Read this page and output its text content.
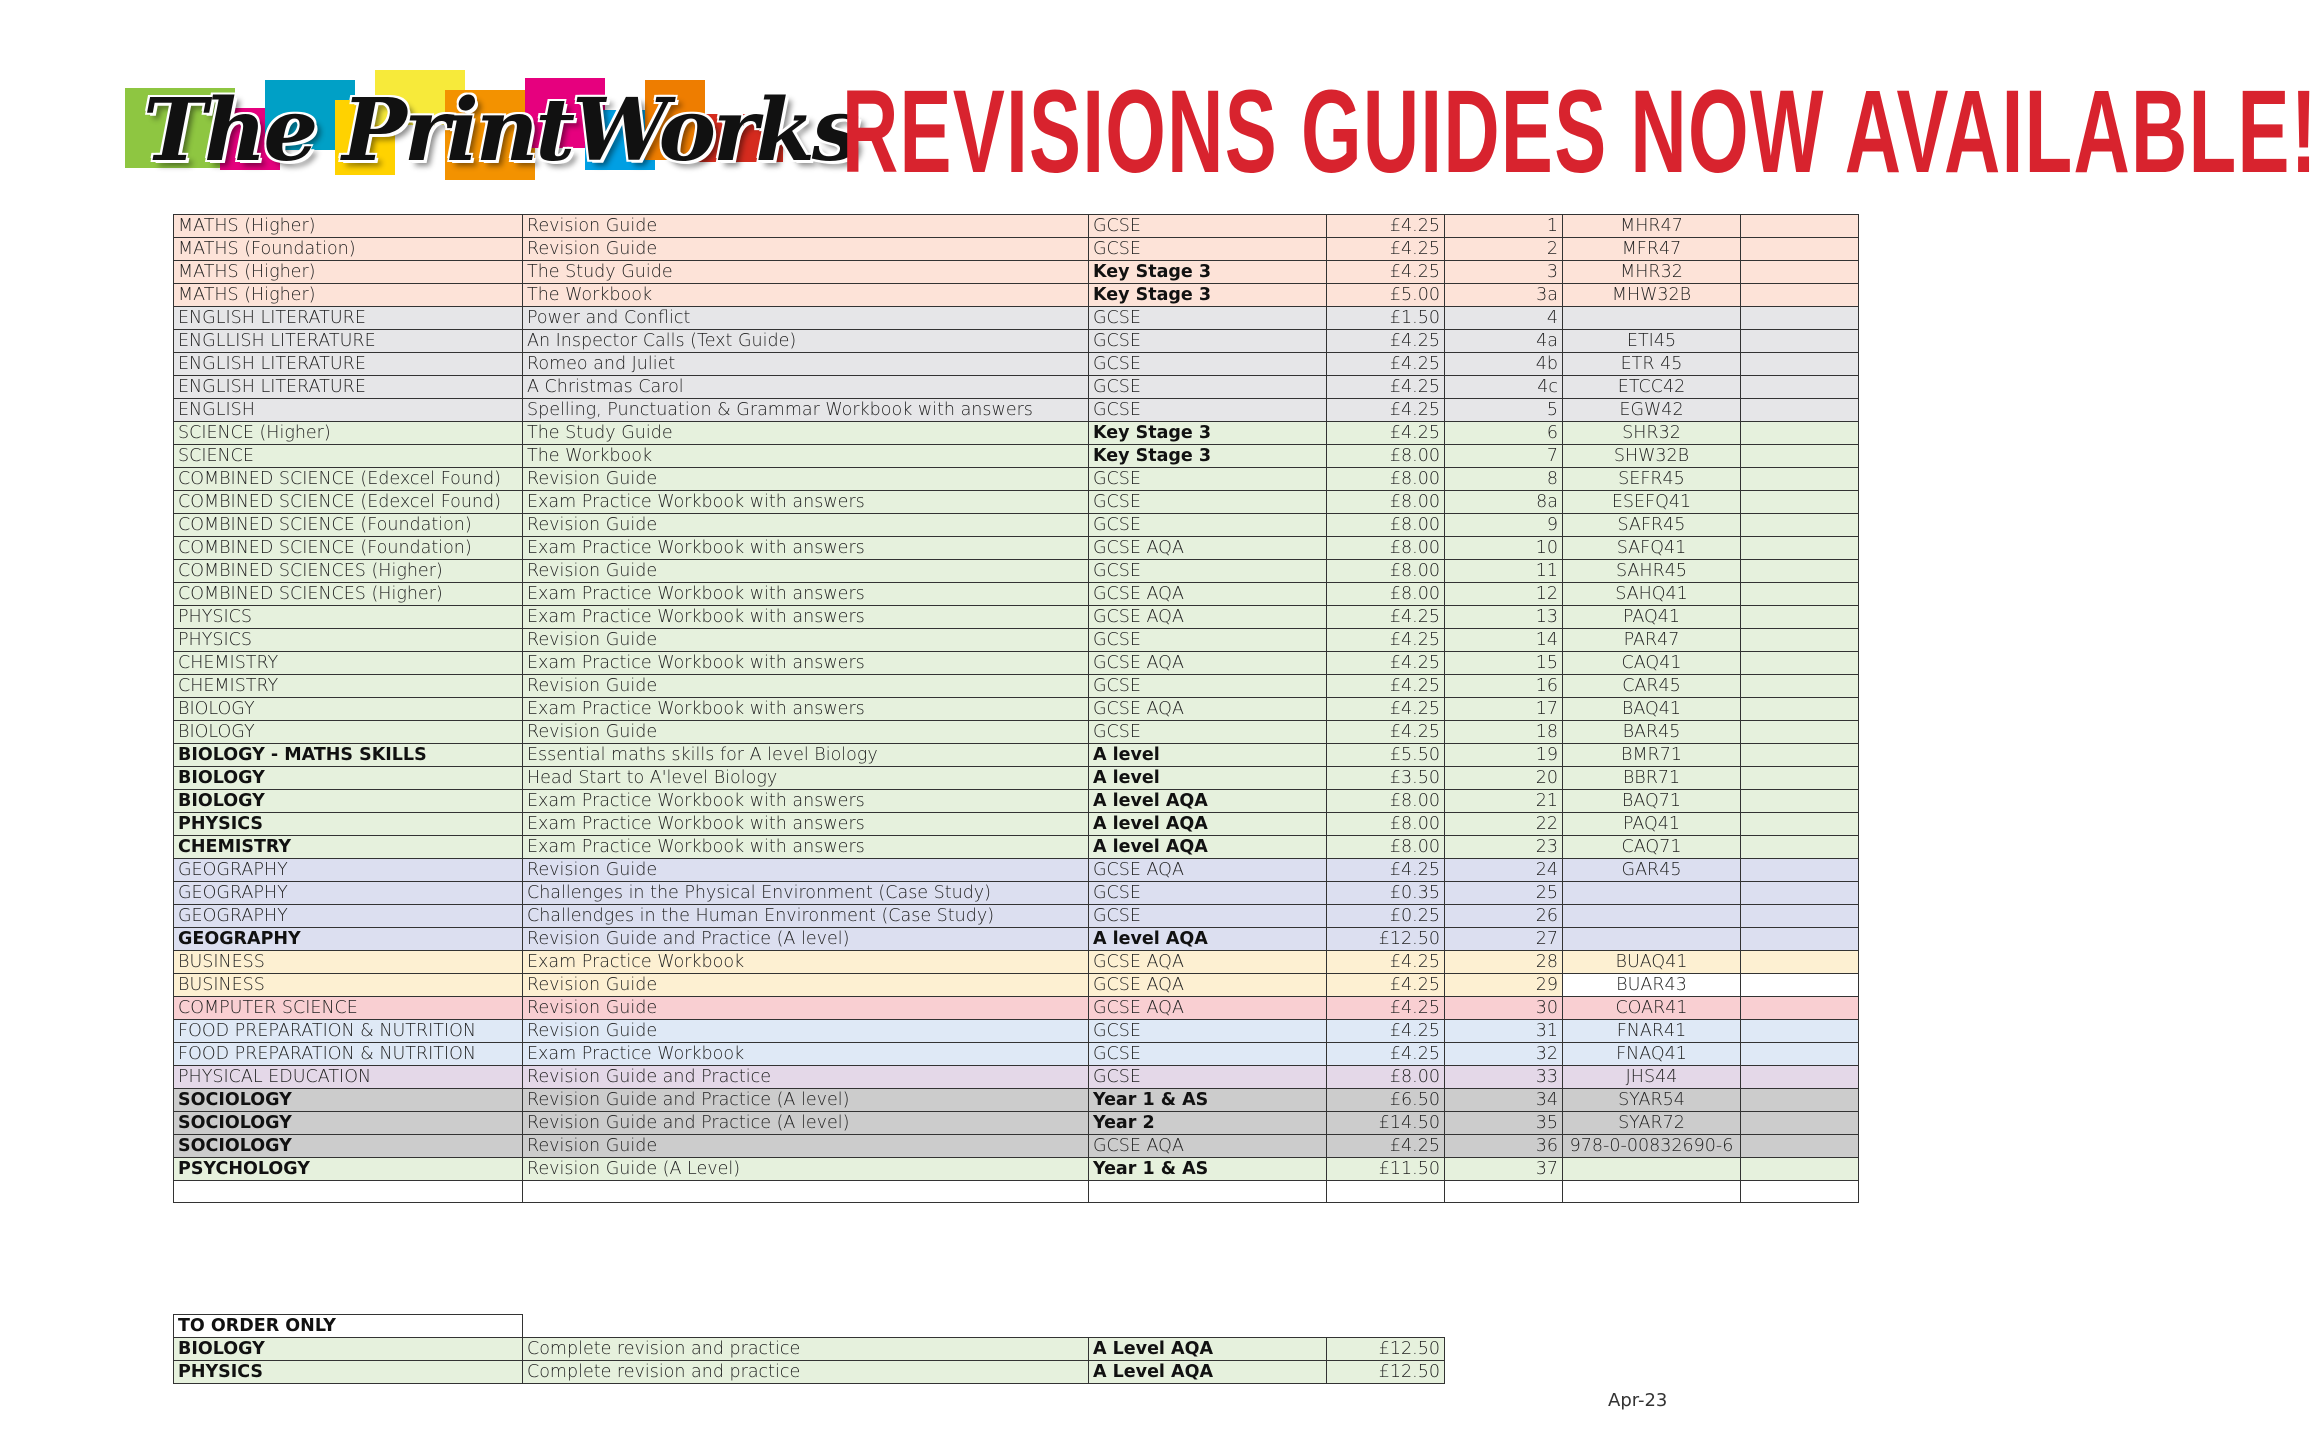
The PrintWorks
REVISIONS GUIDES NOW AVAILABLE!
MATHS (Higher)	Revision Guide	GCSE	£4.25	1	MHR47	
MATHS (Foundation)	Revision Guide	GCSE	£4.25	2	MFR47	
MATHS (Higher)	The Study Guide	Key Stage 3	£4.25	3	MHR32	
MATHS (Higher)	The Workbook	Key Stage 3	£5.00	3a	MHW32B	
ENGLISH LITERATURE	Power and Conflict	GCSE	£1.50	4		
ENGLLISH LITERATURE	An Inspector Calls (Text Guide)	GCSE	£4.25	4a	ETI45	
ENGLISH LITERATURE	Romeo and Juliet	GCSE	£4.25	4b	ETR 45	
ENGLISH LITERATURE	A Christmas Carol	GCSE	£4.25	4c	ETCC42	
ENGLISH	Spelling, Punctuation & Grammar Workbook with answers	GCSE	£4.25	5	EGW42	
SCIENCE (Higher)	The Study Guide	Key Stage 3	£4.25	6	SHR32	
SCIENCE	The Workbook	Key Stage 3	£8.00	7	SHW32B	
COMBINED SCIENCE (Edexcel Found)	Revision Guide	GCSE	£8.00	8	SEFR45	
COMBINED SCIENCE (Edexcel Found)	Exam Practice Workbook with answers	GCSE	£8.00	8a	ESEFQ41	
COMBINED SCIENCE (Foundation)	Revision Guide	GCSE	£8.00	9	SAFR45	
COMBINED SCIENCE (Foundation)	Exam Practice Workbook with answers	GCSE AQA	£8.00	10	SAFQ41	
COMBINED SCIENCES (Higher)	Revision Guide	GCSE	£8.00	11	SAHR45	
COMBINED SCIENCES (Higher)	Exam Practice Workbook with answers	GCSE AQA	£8.00	12	SAHQ41	
PHYSICS	Exam Practice Workbook with answers	GCSE AQA	£4.25	13	PAQ41	
PHYSICS	Revision Guide	GCSE	£4.25	14	PAR47	
CHEMISTRY	Exam Practice Workbook with answers	GCSE AQA	£4.25	15	CAQ41	
CHEMISTRY	Revision Guide	GCSE	£4.25	16	CAR45	
BIOLOGY	Exam Practice Workbook with answers	GCSE AQA	£4.25	17	BAQ41	
BIOLOGY	Revision Guide	GCSE	£4.25	18	BAR45	
BIOLOGY - MATHS SKILLS	Essential maths skills for A level Biology	A level	£5.50	19	BMR71	
BIOLOGY	Head Start to A'level Biology	A level	£3.50	20	BBR71	
BIOLOGY	Exam Practice Workbook with answers	A level AQA	£8.00	21	BAQ71	
PHYSICS	Exam Practice Workbook with answers	A level AQA	£8.00	22	PAQ41	
CHEMISTRY	Exam Practice Workbook with answers	A level AQA	£8.00	23	CAQ71	
GEOGRAPHY	Revision Guide	GCSE AQA	£4.25	24	GAR45	
GEOGRAPHY	Challenges in the Physical Environment (Case Study)	GCSE	£0.35	25		
GEOGRAPHY	Challendges in the Human Environment (Case Study)	GCSE	£0.25	26		
GEOGRAPHY	Revision Guide and Practice (A level)	A level AQA	£12.50	27		
BUSINESS	Exam Practice Workbook	GCSE AQA	£4.25	28	BUAQ41	
BUSINESS	Revision Guide	GCSE AQA	£4.25	29	BUAR43	
COMPUTER SCIENCE	Revision Guide	GCSE AQA	£4.25	30	COAR41	
FOOD PREPARATION & NUTRITION	Revision Guide	GCSE	£4.25	31	FNAR41	
FOOD PREPARATION & NUTRITION	Exam Practice Workbook	GCSE	£4.25	32	FNAQ41	
PHYSICAL EDUCATION	Revision Guide and Practice	GCSE	£8.00	33	JHS44	
SOCIOLOGY	Revision Guide and Practice (A level)	Year 1 & AS	£6.50	34	SYAR54	
SOCIOLOGY	Revision Guide and Practice (A level)	Year 2	£14.50	35	SYAR72	
SOCIOLOGY	Revision Guide	GCSE AQA	£4.25	36	978-0-00832690-6	
PSYCHOLOGY	Revision Guide (A Level)	Year 1 & AS	£11.50	37		

TO ORDER ONLY			
BIOLOGY	Complete revision and practice	A Level AQA	£12.50
PHYSICS	Complete revision and practice	A Level AQA	£12.50
Apr-23
